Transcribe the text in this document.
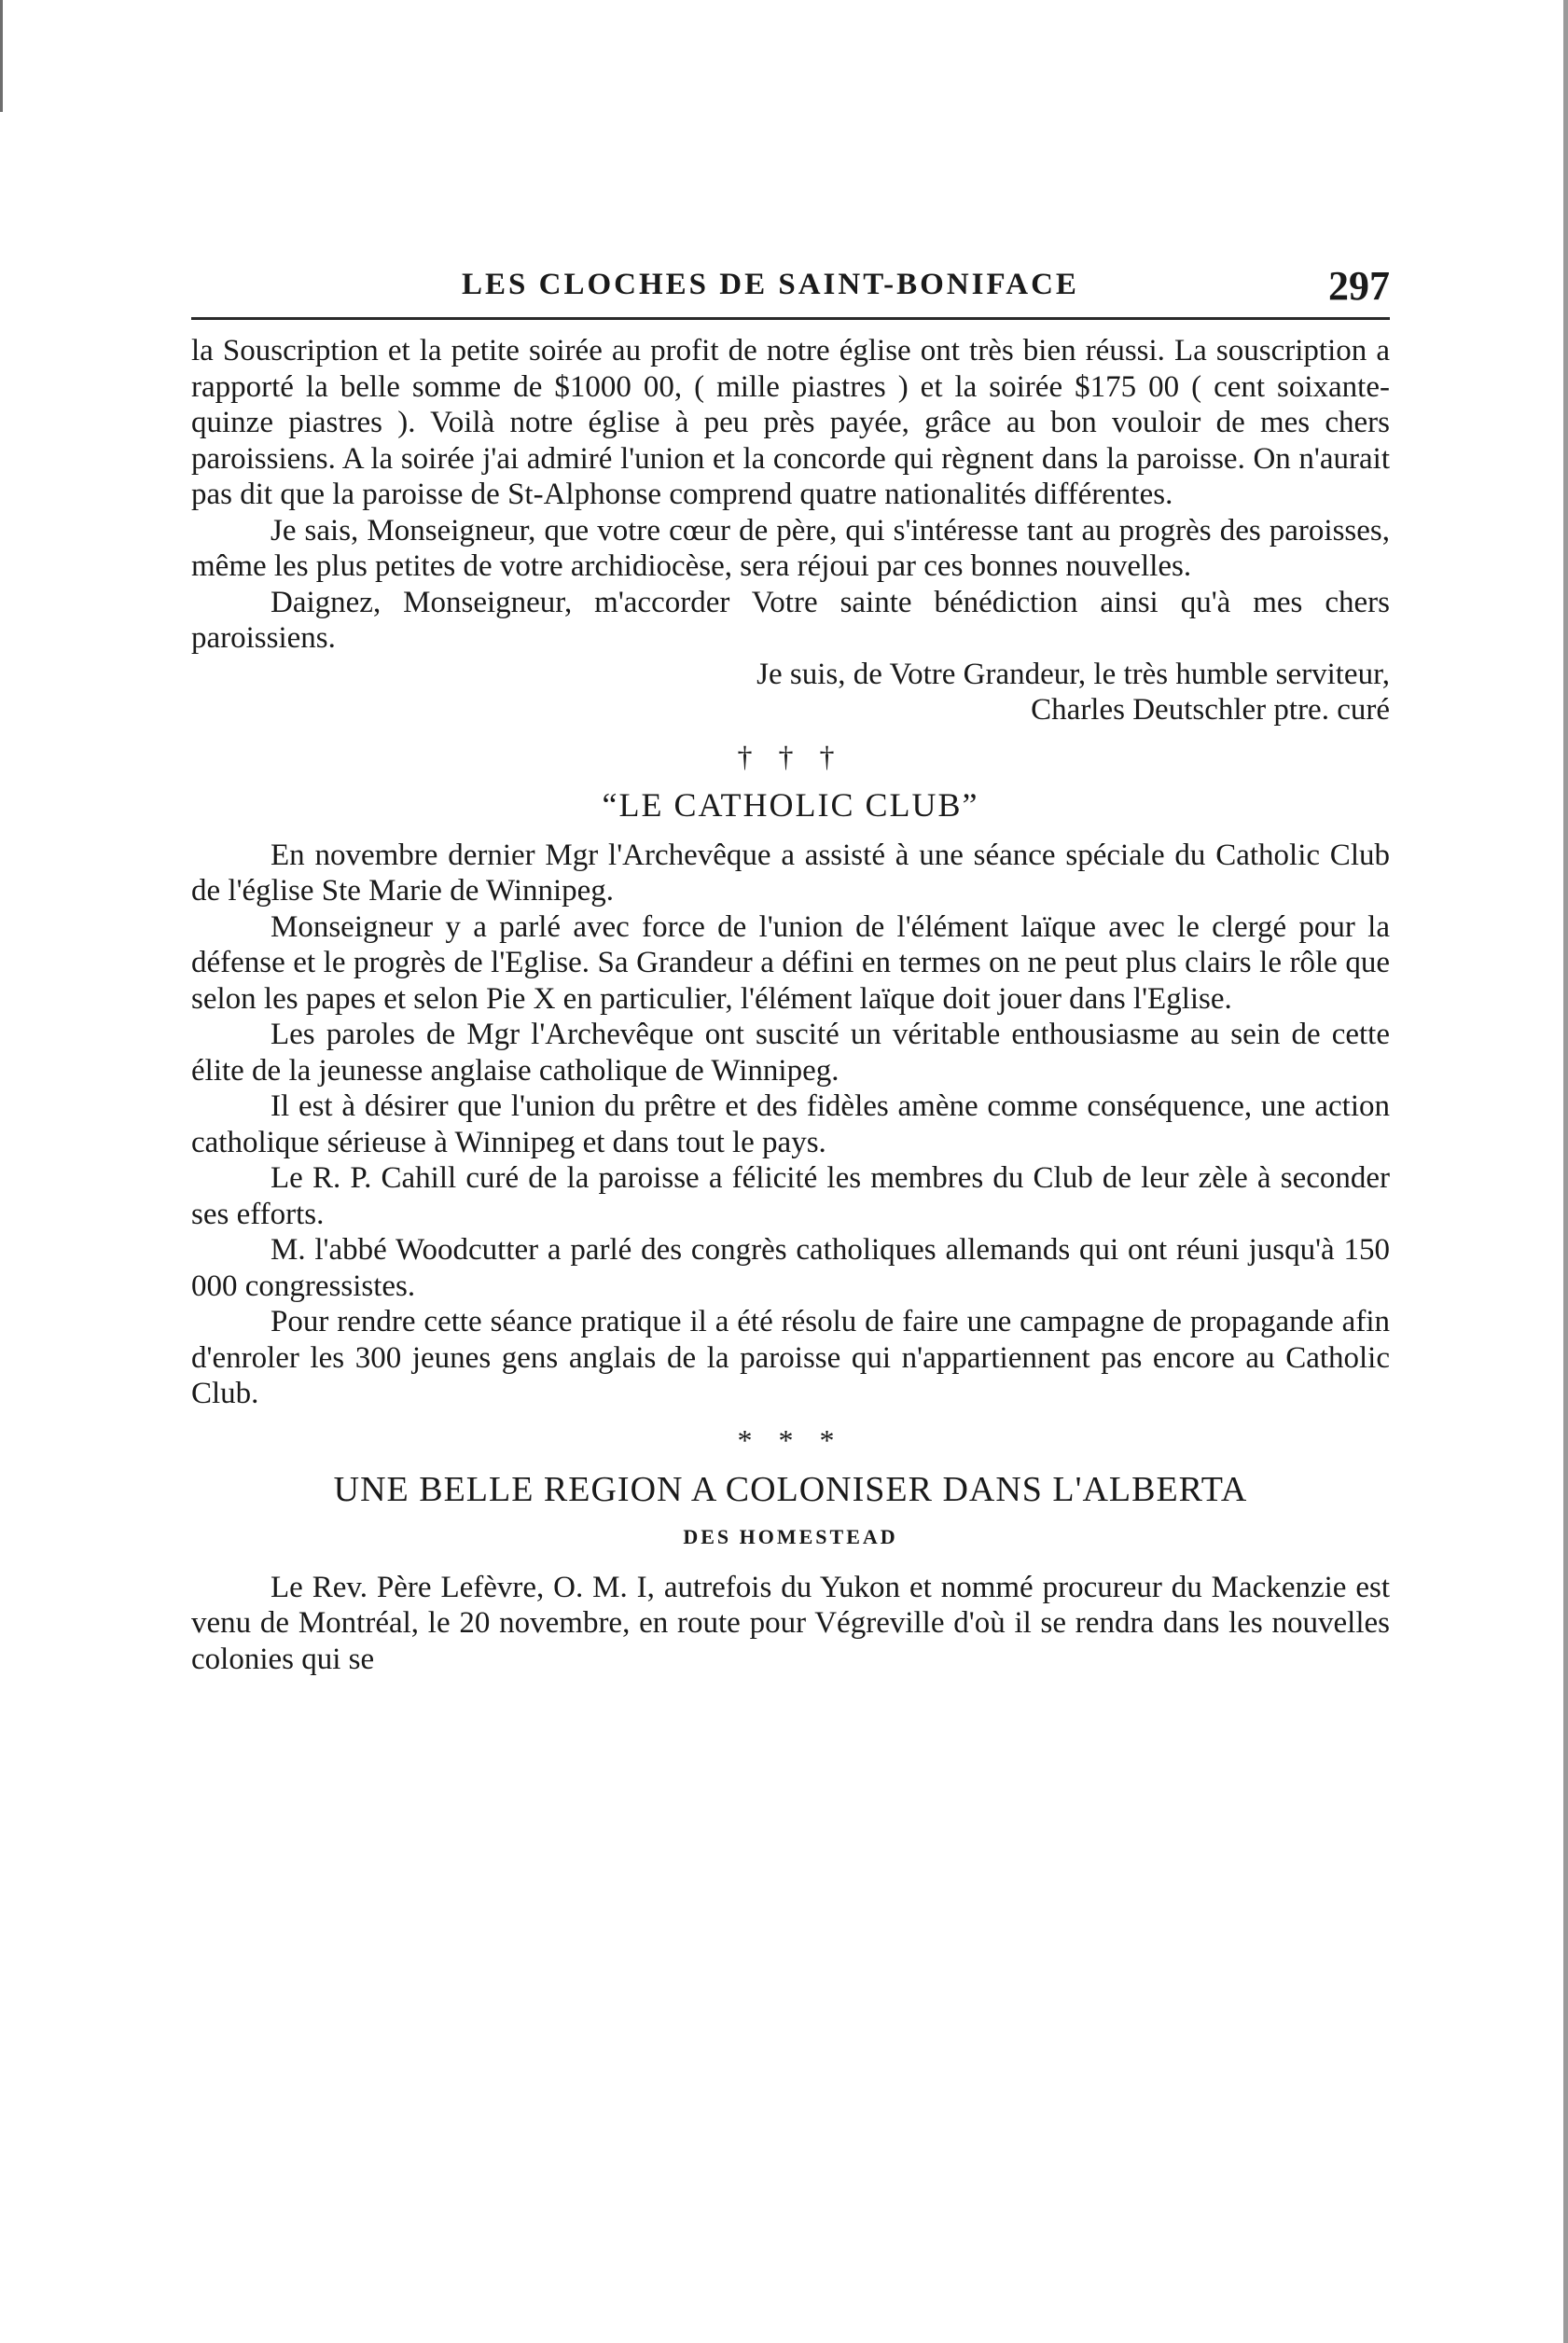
LES CLOCHES DE SAINT-BONIFACE	297

la Souscription et la petite soirée au profit de notre église ont très bien réussi. La souscription a rapporté la belle somme de $1000 00, ( mille piastres ) et la soirée $175 00 ( cent soixante-quinze piastres ). Voilà notre église à peu près payée, grâce au bon vouloir de mes chers paroissiens. A la soirée j'ai admiré l'union et la concorde qui règnent dans la paroisse. On n'aurait pas dit que la paroisse de St-Alphonse comprend quatre nationalités différentes.

Je sais, Monseigneur, que votre cœur de père, qui s'intéresse tant au progrès des paroisses, même les plus petites de votre archidiocèse, sera réjoui par ces bonnes nouvelles.

Daignez, Monseigneur, m'accorder Votre sainte bénédiction ainsi qu'à mes chers paroissiens.

Je suis, de Votre Grandeur, le très humble serviteur,

Charles Deutschler ptre. curé

† † †
“LE CATHOLIC CLUB”

En novembre dernier Mgr l'Archevêque a assisté à une séance spéciale du Catholic Club de l'église Ste Marie de Winnipeg.

Monseigneur y a parlé avec force de l'union de l'élément laïque avec le clergé pour la défense et le progrès de l'Eglise. Sa Grandeur a défini en termes on ne peut plus clairs le rôle que selon les papes et selon Pie X en particulier, l'élément laïque doit jouer dans l'Eglise.

Les paroles de Mgr l'Archevêque ont suscité un véritable enthousiasme au sein de cette élite de la jeunesse anglaise catholique de Winnipeg.

Il est à désirer que l'union du prêtre et des fidèles amène comme conséquence, une action catholique sérieuse à Winnipeg et dans tout le pays.

Le R. P. Cahill curé de la paroisse a félicité les membres du Club de leur zèle à seconder ses efforts.

M. l'abbé Woodcutter a parlé des congrès catholiques allemands qui ont réuni jusqu'à 150 000 congressistes.

Pour rendre cette séance pratique il a été résolu de faire une campagne de propagande afin d'enroler les 300 jeunes gens anglais de la paroisse qui n'appartiennent pas encore au Catholic Club.

* * *
UNE BELLE REGION A COLONISER DANS L'ALBERTA
DES HOMESTEAD

Le Rev. Père Lefèvre, O. M. I, autrefois du Yukon et nommé procureur du Mackenzie est venu de Montréal, le 20 novembre, en route pour Végreville d'où il se rendra dans les nouvelles colonies qui se
